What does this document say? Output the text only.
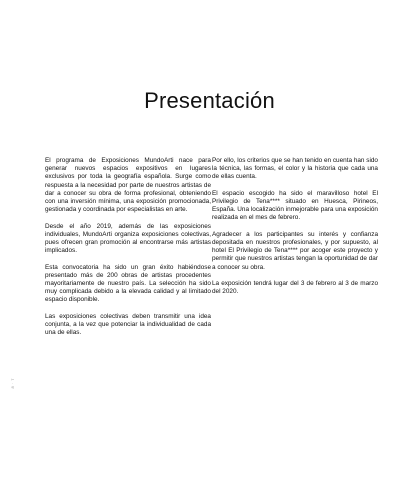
Presentación

El programa de Exposiciones MundoArti nace para generar nuevos espacios expositivos en lugares exclusivos por toda la geografía española. Surge como respuesta a la necesidad por parte de nuestros artistas de dar a conocer su obra de forma profesional, obteniendo con una inversión mínima, una exposición promocionada, gestionada y coordinada por especialistas en arte.

Desde el año 2019, además de las exposiciones individuales, MundoArti organiza exposiciones colectivas, pues ofrecen gran promoción al encontrarse más artistas implicados.

Esta convocatoria ha sido un gran éxito habiéndose presentado más de 200 obras de artistas procedentes mayoritariamente de nuestro país. La selección ha sido muy complicada debido a la elevada calidad y al limitado espacio disponible.

Las exposiciones colectivas deben transmitir una idea conjunta, a la vez que potenciar la individualidad de cada una de ellas.

Por ello, los criterios que se han tenido en cuenta han sido la técnica, las formas, el color y la historia que cada una de ellas cuenta.

El espacio escogido ha sido el maravilloso hotel El Privilegio de Tena**** situado en Huesca, Pirineos, España. Una localización inmejorable para una exposición realizada en el mes de febrero.

Agradecer a los participantes su interés y confianza depositada en nuestros profesionales, y por supuesto, al hotel El Privilegio de Tena**** por acoger este proyecto y permitir que nuestros artistas tengan la oportunidad de dar a conocer su obra.

La exposición tendrá lugar del 3 de febrero al 3 de marzo del 2020.

8 · 7
